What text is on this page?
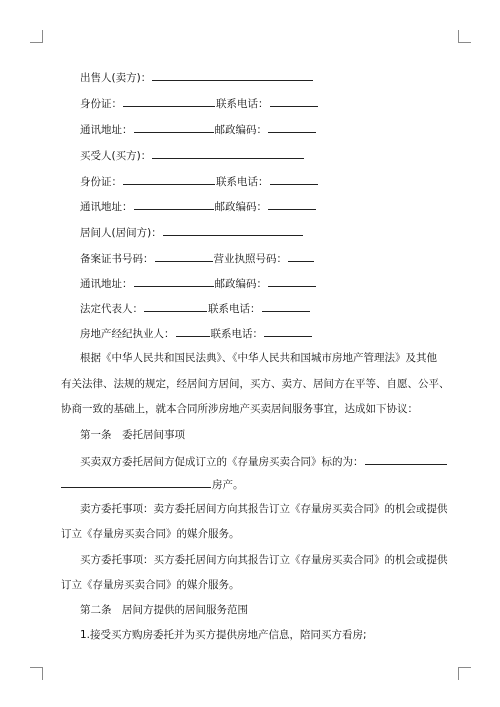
出售人(卖方)：
身份证：	联系电话：
通讯地址：	邮政编码：
买受人(买方)：
身份证：	联系电话：
通讯地址：	邮政编码：
居间人(居间方)：
备案证书号码：	营业执照号码：
通讯地址：	邮政编码：
法定代表人：	联系电话：
房地产经纪执业人：	联系电话：
根据《中华人民共和国民法典》、《中华人民共和国城市房地产管理法》及其他
有关法律、法规的规定，经居间方居间，买方、卖方、居间方在平等、自愿、公平、
协商一致的基础上，就本合同所涉房地产买卖居间服务事宜，达成如下协议：
第一条　委托居间事项
买卖双方委托居间方促成订立的《存量房买卖合同》标的为：
房产。
卖方委托事项：卖方委托居间方向其报告订立《存量房买卖合同》的机会或提供
订立《存量房买卖合同》的媒介服务。
买方委托事项：买方委托居间方向其报告订立《存量房买卖合同》的机会或提供
订立《存量房买卖合同》的媒介服务。
第二条　居间方提供的居间服务范围
1.接受买方购房委托并为买方提供房地产信息，陪同买方看房;
